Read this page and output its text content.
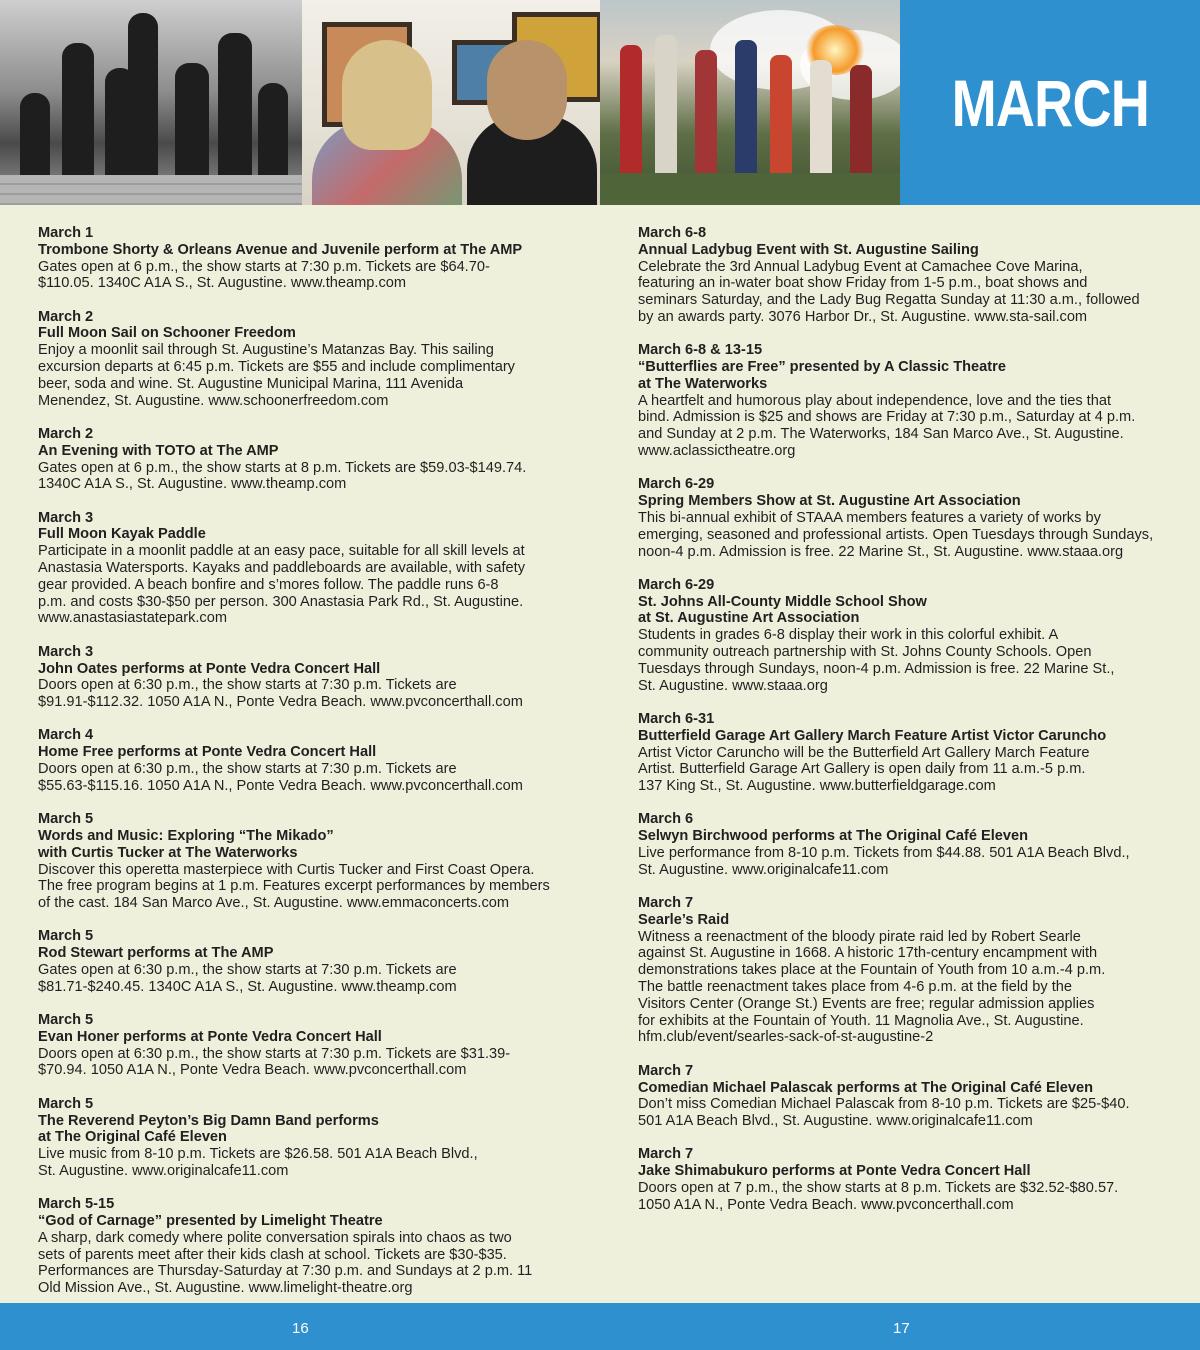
MARCH
March 1
Trombone Shorty & Orleans Avenue and Juvenile perform at The AMP
Gates open at 6 p.m., the show starts at 7:30 p.m. Tickets are $64.70-
$110.05. 1340C A1A S., St. Augustine. www.theamp.com
March 2
Full Moon Sail on Schooner Freedom
Enjoy a moonlit sail through St. Augustine’s Matanzas Bay. This sailing
excursion departs at 6:45 p.m. Tickets are $55 and include complimentary
beer, soda and wine. St. Augustine Municipal Marina, 111 Avenida
Menendez, St. Augustine. www.schoonerfreedom.com
March 2
An Evening with TOTO at The AMP
Gates open at 6 p.m., the show starts at 8 p.m. Tickets are $59.03-$149.74.
1340C A1A S., St. Augustine. www.theamp.com
March 3
Full Moon Kayak Paddle
Participate in a moonlit paddle at an easy pace, suitable for all skill levels at
Anastasia Watersports. Kayaks and paddleboards are available, with safety
gear provided. A beach bonfire and s’mores follow. The paddle runs 6-8
p.m. and costs $30-$50 per person. 300 Anastasia Park Rd., St. Augustine.
www.anastasiastatepark.com
March 3
John Oates performs at Ponte Vedra Concert Hall
Doors open at 6:30 p.m., the show starts at 7:30 p.m. Tickets are
$91.91-$112.32. 1050 A1A N., Ponte Vedra Beach. www.pvconcerthall.com
March 4
Home Free performs at Ponte Vedra Concert Hall
Doors open at 6:30 p.m., the show starts at 7:30 p.m. Tickets are
$55.63-$115.16. 1050 A1A N., Ponte Vedra Beach. www.pvconcerthall.com
March 5
Words and Music: Exploring “The Mikado”
with Curtis Tucker at The Waterworks
Discover this operetta masterpiece with Curtis Tucker and First Coast Opera.
The free program begins at 1 p.m. Features excerpt performances by members
of the cast. 184 San Marco Ave., St. Augustine. www.emmaconcerts.com
March 5
Rod Stewart performs at The AMP
Gates open at 6:30 p.m., the show starts at 7:30 p.m. Tickets are
$81.71-$240.45. 1340C A1A S., St. Augustine. www.theamp.com
March 5
Evan Honer performs at Ponte Vedra Concert Hall
Doors open at 6:30 p.m., the show starts at 7:30 p.m. Tickets are $31.39-
$70.94. 1050 A1A N., Ponte Vedra Beach. www.pvconcerthall.com
March 5
The Reverend Peyton’s Big Damn Band performs
at The Original Café Eleven
Live music from 8-10 p.m. Tickets are $26.58. 501 A1A Beach Blvd.,
St. Augustine. www.originalcafe11.com
March 5-15
“God of Carnage” presented by Limelight Theatre
A sharp, dark comedy where polite conversation spirals into chaos as two
sets of parents meet after their kids clash at school. Tickets are $30-$35.
Performances are Thursday-Saturday at 7:30 p.m. and Sundays at 2 p.m. 11
Old Mission Ave., St. Augustine. www.limelight-theatre.org
March 6-8
Annual Ladybug Event with St. Augustine Sailing
Celebrate the 3rd Annual Ladybug Event at Camachee Cove Marina,
featuring an in-water boat show Friday from 1-5 p.m., boat shows and
seminars Saturday, and the Lady Bug Regatta Sunday at 11:30 a.m., followed
by an awards party. 3076 Harbor Dr., St. Augustine. www.sta-sail.com
March 6-8 & 13-15
“Butterflies are Free” presented by A Classic Theatre
at The Waterworks
A heartfelt and humorous play about independence, love and the ties that
bind. Admission is $25 and shows are Friday at 7:30 p.m., Saturday at 4 p.m.
and Sunday at 2 p.m. The Waterworks, 184 San Marco Ave., St. Augustine.
www.aclassictheatre.org
March 6-29
Spring Members Show at St. Augustine Art Association
This bi-annual exhibit of STAAA members features a variety of works by
emerging, seasoned and professional artists. Open Tuesdays through Sundays,
noon-4 p.m. Admission is free. 22 Marine St., St. Augustine. www.staaa.org
March 6-29
St. Johns All-County Middle School Show
at St. Augustine Art Association
Students in grades 6-8 display their work in this colorful exhibit. A
community outreach partnership with St. Johns County Schools. Open
Tuesdays through Sundays, noon-4 p.m. Admission is free. 22 Marine St.,
St. Augustine. www.staaa.org
March 6-31
Butterfield Garage Art Gallery March Feature Artist Victor Caruncho
Artist Victor Caruncho will be the Butterfield Art Gallery March Feature
Artist. Butterfield Garage Art Gallery is open daily from 11 a.m.-5 p.m.
137 King St., St. Augustine. www.butterfieldgarage.com
March 6
Selwyn Birchwood performs at The Original Café Eleven
Live performance from 8-10 p.m. Tickets from $44.88. 501 A1A Beach Blvd.,
St. Augustine. www.originalcafe11.com
March 7
Searle’s Raid
Witness a reenactment of the bloody pirate raid led by Robert Searle
against St. Augustine in 1668. A historic 17th-century encampment with
demonstrations takes place at the Fountain of Youth from 10 a.m.-4 p.m.
The battle reenactment takes place from 4-6 p.m. at the field by the
Visitors Center (Orange St.) Events are free; regular admission applies
for exhibits at the Fountain of Youth. 11 Magnolia Ave., St. Augustine.
hfm.club/event/searles-sack-of-st-augustine-2
March 7
Comedian Michael Palascak performs at The Original Café Eleven
Don’t miss Comedian Michael Palascak from 8-10 p.m. Tickets are $25-$40.
501 A1A Beach Blvd., St. Augustine. www.originalcafe11.com
March 7
Jake Shimabukuro performs at Ponte Vedra Concert Hall
Doors open at 7 p.m., the show starts at 8 p.m. Tickets are $32.52-$80.57.
1050 A1A N., Ponte Vedra Beach. www.pvconcerthall.com
16	17
